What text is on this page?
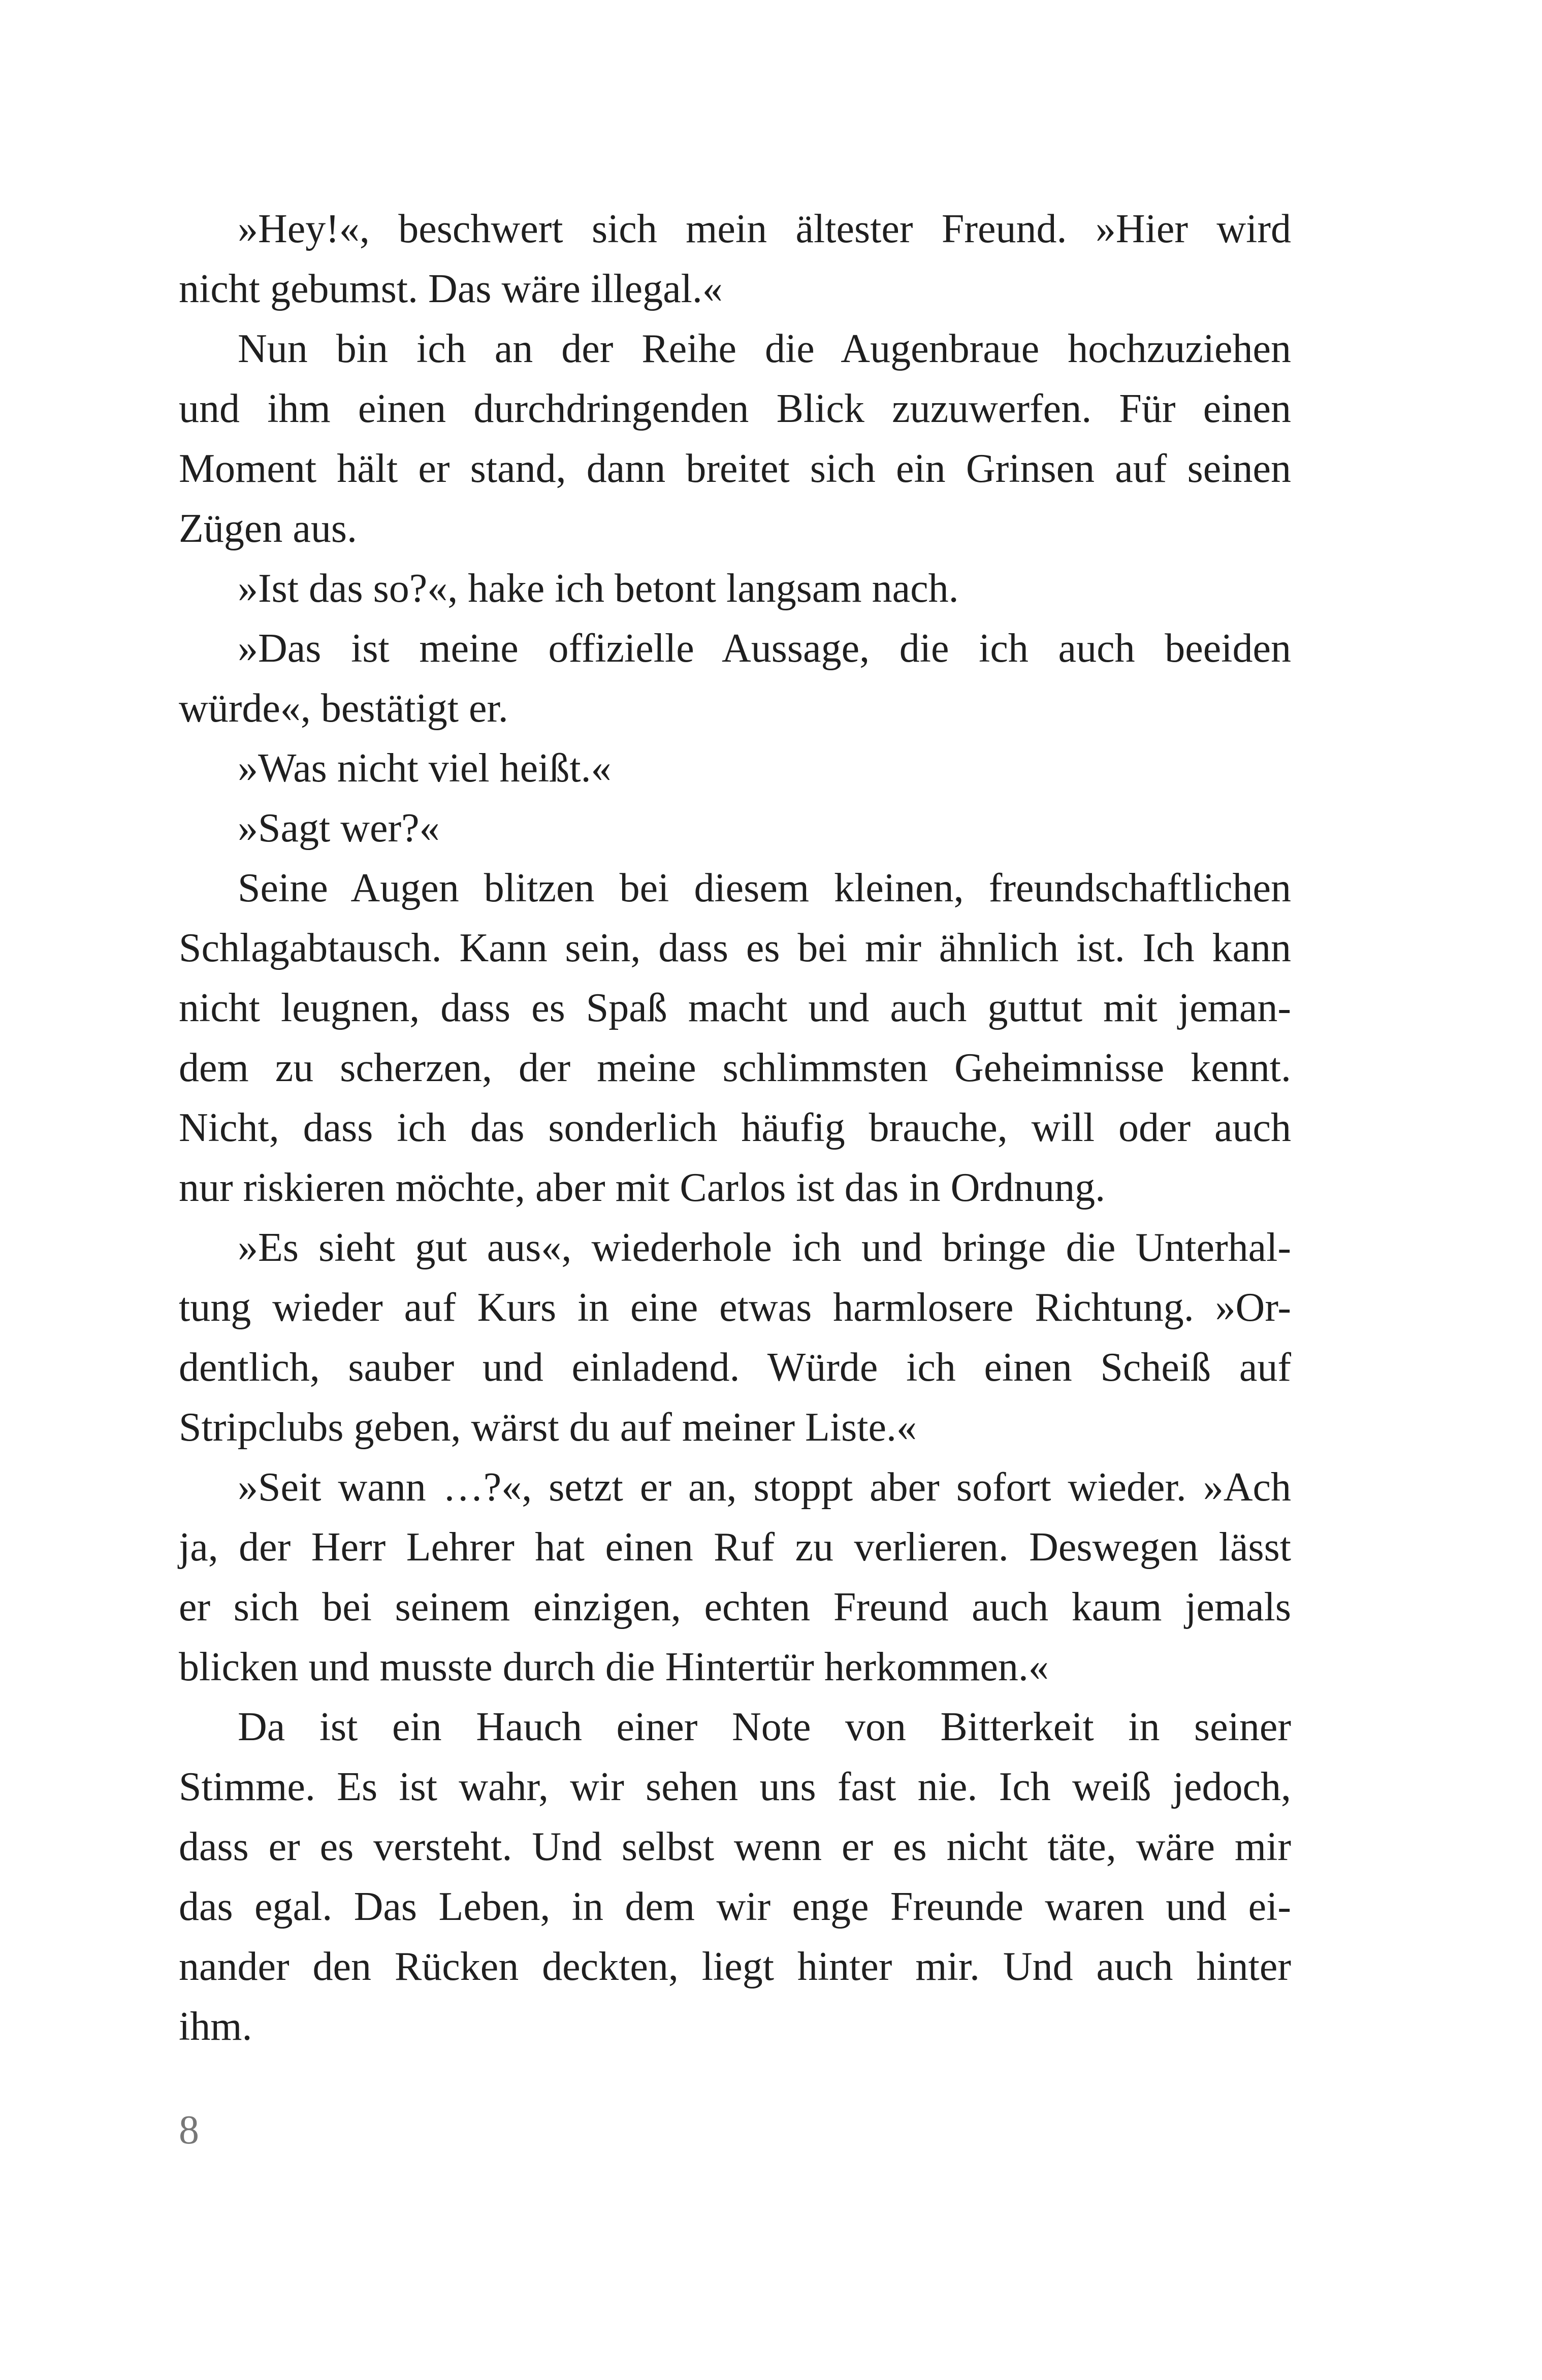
»Hey!«, beschwert sich mein ältester Freund. »Hier wird
nicht gebumst. Das wäre illegal.«
Nun bin ich an der Reihe die Augenbraue hochzuziehen
und ihm einen durchdringenden Blick zuzuwerfen. Für einen
Moment hält er stand, dann breitet sich ein Grinsen auf seinen
Zügen aus.
»Ist das so?«, hake ich betont langsam nach.
»Das ist meine offizielle Aussage, die ich auch beeiden
würde«, bestätigt er.
»Was nicht viel heißt.«
»Sagt wer?«
Seine Augen blitzen bei diesem kleinen, freundschaftlichen
Schlagabtausch. Kann sein, dass es bei mir ähnlich ist. Ich kann
nicht leugnen, dass es Spaß macht und auch guttut mit jeman-
dem zu scherzen, der meine schlimmsten Geheimnisse kennt.
Nicht, dass ich das sonderlich häufig brauche, will oder auch
nur riskieren möchte, aber mit Carlos ist das in Ordnung.
»Es sieht gut aus«, wiederhole ich und bringe die Unterhal-
tung wieder auf Kurs in eine etwas harmlosere Richtung. »Or-
dentlich, sauber und einladend. Würde ich einen Scheiß auf
Stripclubs geben, wärst du auf meiner Liste.«
»Seit wann …?«, setzt er an, stoppt aber sofort wieder. »Ach
ja, der Herr Lehrer hat einen Ruf zu verlieren. Deswegen lässt
er sich bei seinem einzigen, echten Freund auch kaum jemals
blicken und musste durch die Hintertür herkommen.«
Da ist ein Hauch einer Note von Bitterkeit in seiner
Stimme. Es ist wahr, wir sehen uns fast nie. Ich weiß jedoch,
dass er es versteht. Und selbst wenn er es nicht täte, wäre mir
das egal. Das Leben, in dem wir enge Freunde waren und ei-
nander den Rücken deckten, liegt hinter mir. Und auch hinter
ihm.
8
